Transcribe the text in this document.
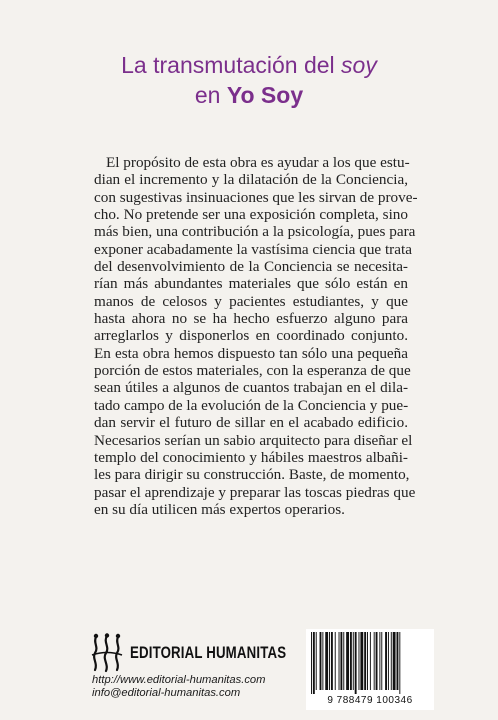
La transmutación del soy
en Yo Soy
El propósito de esta obra es ayudar a los que estu-
dian el incremento y la dilatación de la Conciencia,
con sugestivas insinuaciones que les sirvan de prove-
cho. No pretende ser una exposición completa, sino
más bien, una contribución a la psicología, pues para
exponer acabadamente la vastísima ciencia que trata
del desenvolvimiento de la Conciencia se necesita-
rían más abundantes materiales que sólo están en
manos de celosos y pacientes estudiantes, y que
hasta ahora no se ha hecho esfuerzo alguno para
arreglarlos y disponerlos en coordinado conjunto.
En esta obra hemos dispuesto tan sólo una pequeña
porción de estos materiales, con la esperanza de que
sean útiles a algunos de cuantos trabajan en el dila-
tado campo de la evolución de la Conciencia y pue-
dan servir el futuro de sillar en el acabado edificio.
Necesarios serían un sabio arquitecto para diseñar el
templo del conocimiento y hábiles maestros albañi-
les para dirigir su construcción. Baste, de momento,
pasar el aprendizaje y preparar las toscas piedras que
en su día utilicen más expertos operarios.
EDITORIAL HUMANITAS
http://www.editorial-humanitas.com
info@editorial-humanitas.com
9 788479 100346
